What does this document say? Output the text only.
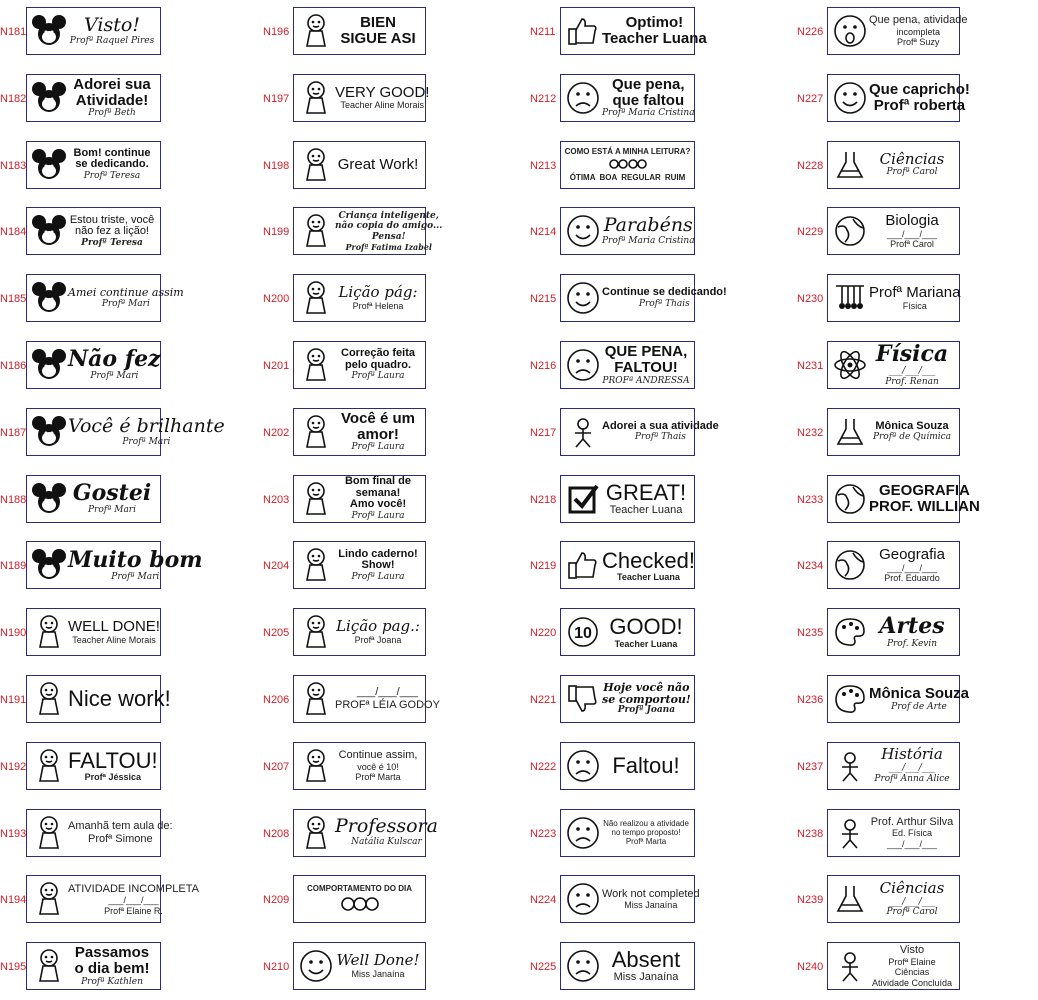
N181	Visto!
Profª Raquel Pires
N182
Adorei sua
Atividade!
Profª Beth
N183
Bom! continue
se dedicando.
Profª Teresa
N184
Estou triste, você
não fez a lição!
Profª Teresa
N185	Amei continue assim
Profª Mari
N186 Não fez
Profª Mari
N187 Você é brilhante
Profª Mari
N188 Gostei
Profª Mari
N189 Muito bom
Profª Mari
N190	WELL DONE!
Teacher Aline Morais
N191 Nice work!
N192 FALTOU!
Profª Jéssica
N193
Amanhã tem aula de:
Profª Simone
N194
ATIVIDADE INCOMPLETA
___/___/___
Profª Elaine R.
N195
Passamos
o dia bem!
Profª Kathlen
N196
BIEN
SIGUE ASI
N197	VERY GOOD!
Teacher Aline Morais
N198	Great Work!
N199
Criança inteligente,
não copia do amigo...
Pensa!
Profª Fatima Izabel
N200	Lição pág:
Profª Helena
N201
Correção feita
pelo quadro.
Profª Laura
N202
Você é um
amor!
Profª Laura
N203
Bom final de
semana!
Amo você!
Profª Laura
N204
Lindo caderno!
Show!
Profª Laura
N205	Lição pag.:
Profª Joana
N206
___/___/___
PROFª LÉIA GODOY
N207
Continue assim,
você é 10!
Profª Marta
N208 Professora
Natália Kulscar
N209
COMPORTAMENTO DO DIA
N210	Well Done!
Miss Janaína
N211
Optimo!
Teacher Luana
N212
Que pena,
que faltou
Profª Maria Cristina
N213
COMO ESTÁ A MINHA LEITURA?
ÓTIMA BOA REGULAR RUIM
N214 Parabéns
Profª Maria Cristina
N215
Continue se dedicando!
Profª Thais
N216
QUE PENA,
FALTOU!
PROFª ANDRESSA
N217
Adorei a sua atividade
Profª Thais
N218 GREAT!
Teacher Luana
N219 Checked!
Teacher Luana
N220 10 GOOD!
Teacher Luana
N221
Hoje você não
se comportou!
Profª Joana
N222	Faltou!
N223
Não realizou a atividade
no tempo proposto!
Profª Marta
N224
Work not completed
Miss Janaína
N225	Absent
Miss Janaína
N226
Que pena, atividade
incompleta
Profª Suzy
N227
Que capricho!
Profª roberta
N228	Ciências
Profª Carol
N229
Biologia
___/___/___
Profª Carol
N230	Profª Mariana
Física
N231 Física
___/___/___
Prof. Renan
N232
Mônica Souza
Profª de Química
N233
GEOGRAFIA
PROF. WILLIAN
N234
Geografia
___/___/___
Prof. Eduardo
N235	Artes
Prof. Kevin
N236	Mônica Souza
Prof de Arte
N237
História
___/___/___
Profª Anna Alice
N238
Prof. Arthur Silva
Ed. Física
___/___/___
N239
Ciências
___/___/___
Profª Carol
N240
Visto
Profª Elaine
Ciências
Atividade Concluída
